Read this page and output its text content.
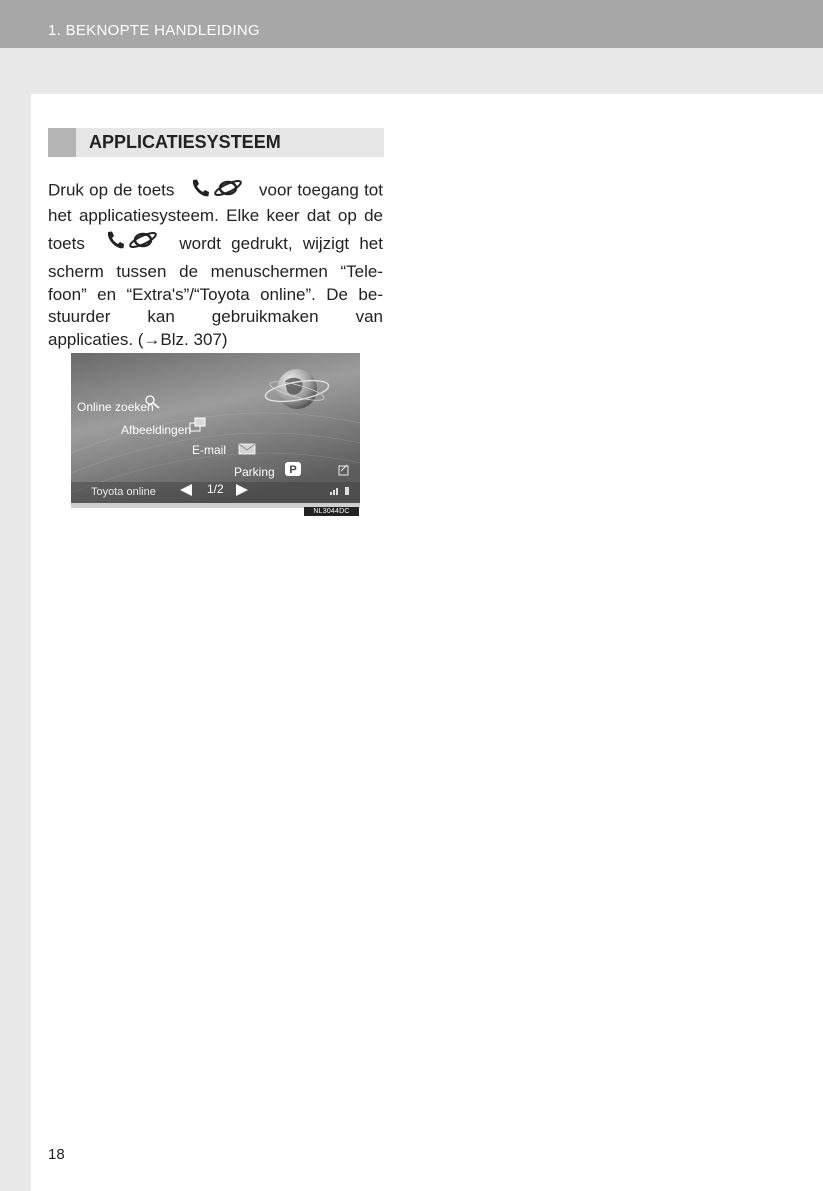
1. BEKNOPTE HANDLEIDING
APPLICATIESYSTEEM
Druk op de toets	voor toegang tot
het applicatiesysteem. Elke keer dat op de
toets	wordt gedrukt, wijzigt het
scherm tussen de menuschermen “Tele-
foon” en “Extra's”/“Toyota online”. De be-
stuurder kan gebruikmaken van
applicaties. (→Blz. 307)
Online zoeken
Afbeeldingen
E-mail
Parking P
Toyota online	1/2
NL3044DC
18
